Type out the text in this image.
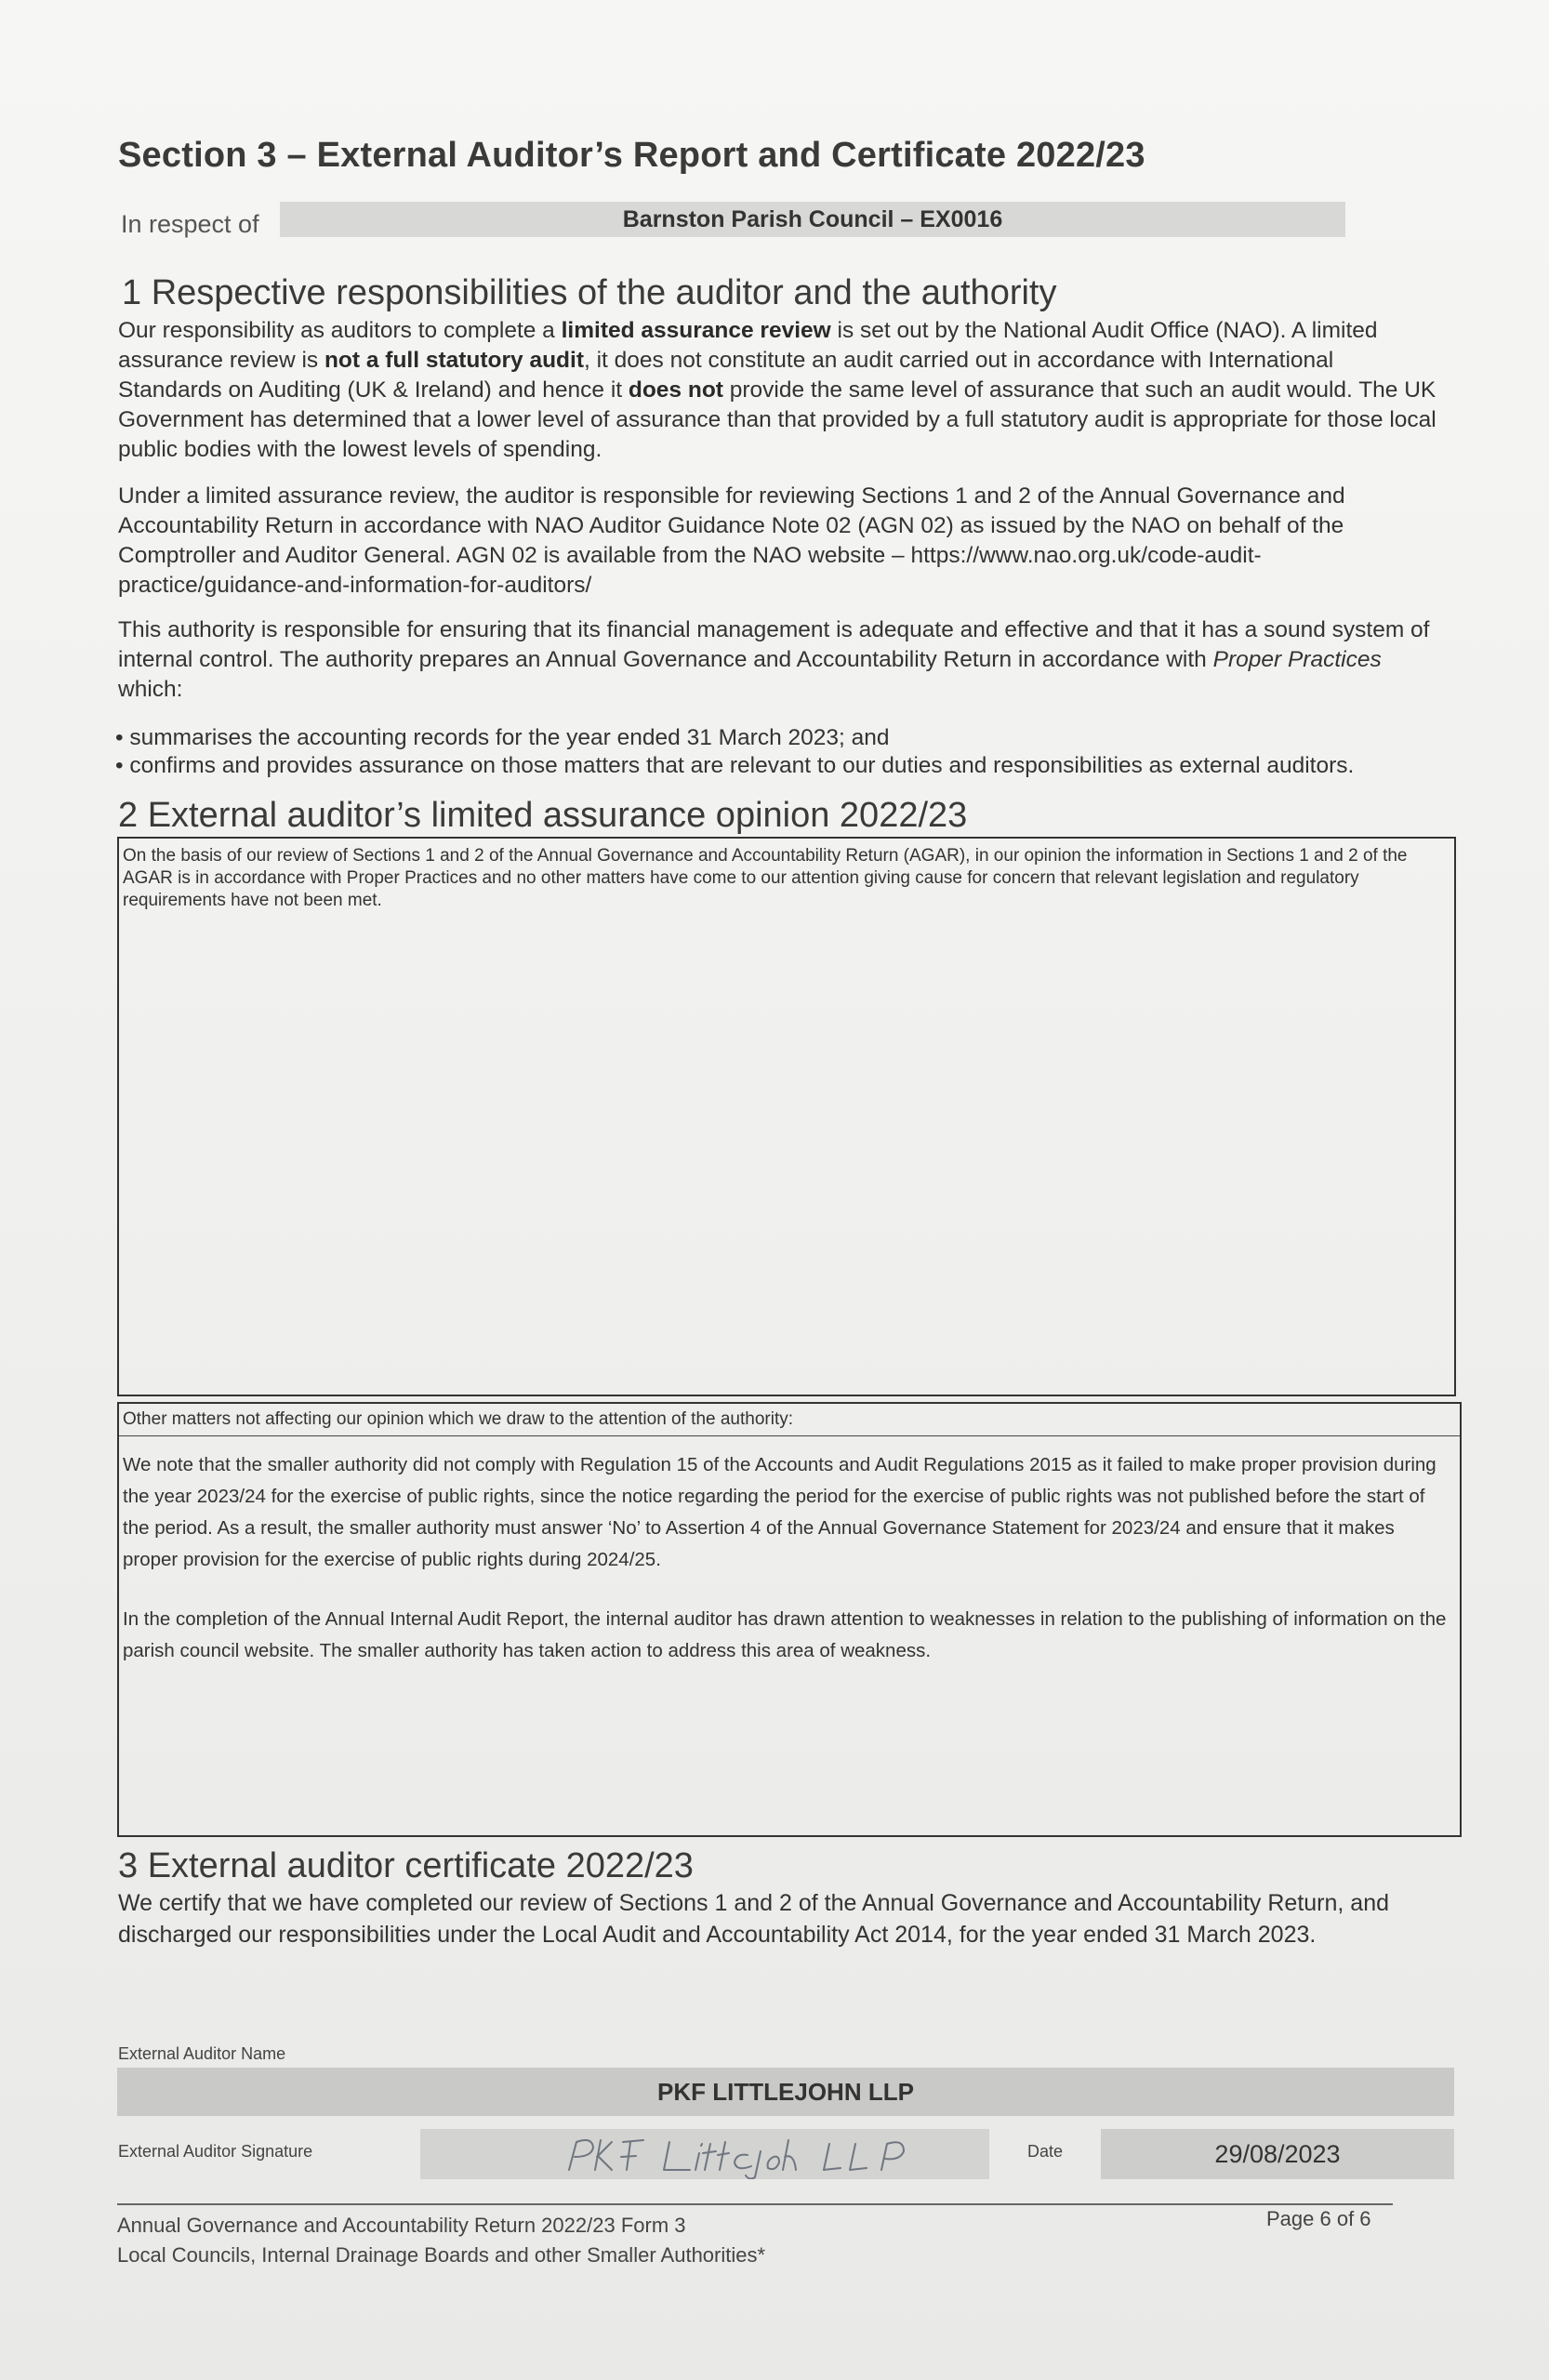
Section 3 – External Auditor’s Report and Certificate 2022/23
In respect of	Barnston Parish Council – EX0016
1 Respective responsibilities of the auditor and the authority

Our responsibility as auditors to complete a limited assurance review is set out by the National Audit Office (NAO). A limited assurance review is not a full statutory audit, it does not constitute an audit carried out in accordance with International Standards on Auditing (UK & Ireland) and hence it does not provide the same level of assurance that such an audit would. The UK Government has determined that a lower level of assurance than that provided by a full statutory audit is appropriate for those local public bodies with the lowest levels of spending.

Under a limited assurance review, the auditor is responsible for reviewing Sections 1 and 2 of the Annual Governance and Accountability Return in accordance with NAO Auditor Guidance Note 02 (AGN 02) as issued by the NAO on behalf of the Comptroller and Auditor General. AGN 02 is available from the NAO website – https://www.nao.org.uk/code-audit-practice/guidance-and-information-for-auditors/

This authority is responsible for ensuring that its financial management is adequate and effective and that it has a sound system of internal control. The authority prepares an Annual Governance and Accountability Return in accordance with Proper Practices which:

• summarises the accounting records for the year ended 31 March 2023; and
• confirms and provides assurance on those matters that are relevant to our duties and responsibilities as external auditors.
2 External auditor’s limited assurance opinion 2022/23

On the basis of our review of Sections 1 and 2 of the Annual Governance and Accountability Return (AGAR), in our opinion the information in Sections 1 and 2 of the AGAR is in accordance with Proper Practices and no other matters have come to our attention giving cause for concern that relevant legislation and regulatory requirements have not been met.

Other matters not affecting our opinion which we draw to the attention of the authority:

We note that the smaller authority did not comply with Regulation 15 of the Accounts and Audit Regulations 2015 as it failed to make proper provision during the year 2023/24 for the exercise of public rights, since the notice regarding the period for the exercise of public rights was not published before the start of the period. As a result, the smaller authority must answer ‘No’ to Assertion 4 of the Annual Governance Statement for 2023/24 and ensure that it makes proper provision for the exercise of public rights during 2024/25.

In the completion of the Annual Internal Audit Report, the internal auditor has drawn attention to weaknesses in relation to the publishing of information on the parish council website. The smaller authority has taken action to address this area of weakness.

3 External auditor certificate 2022/23

We certify that we have completed our review of Sections 1 and 2 of the Annual Governance and Accountability Return, and discharged our responsibilities under the Local Audit and Accountability Act 2014, for the year ended 31 March 2023.

External Auditor Name
PKF LITTLEJOHN LLP
External Auditor Signature	Date	29/08/2023
Annual Governance and Accountability Return 2022/23 Form 3
Local Councils, Internal Drainage Boards and other Smaller Authorities*
Page 6 of 6
